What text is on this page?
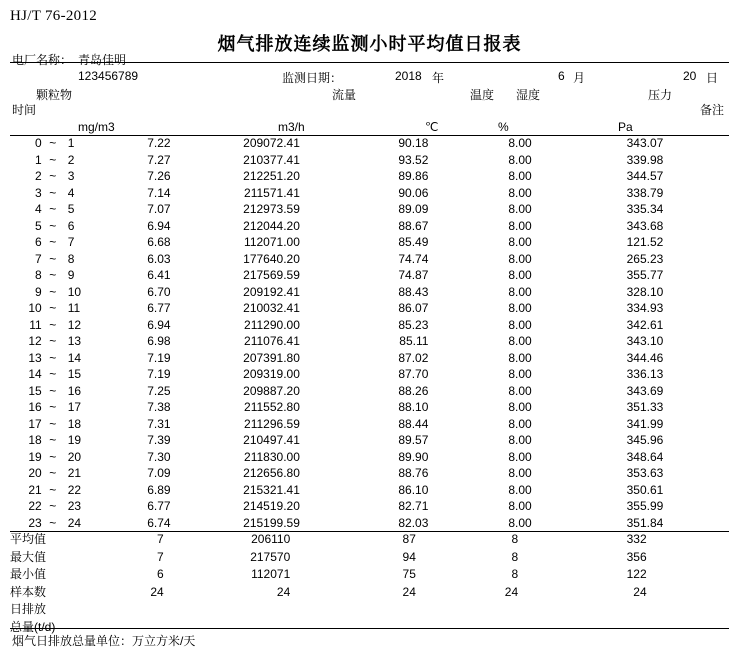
HJ/T 76-2012
烟气排放连续监测小时平均值日报表
电厂名称： 青岛佳明
123456789	监测日期：	2018 年	6 月	20 日
颗粒物
时间
流量	温度 湿度	压力
备注
mg/m3	m3/h	℃	%	Pa
0	~	1	7.22	209072.41	90.18	8.00	343.07	
1	~	2	7.27	210377.41	93.52	8.00	339.98	
2	~	3	7.26	212251.20	89.86	8.00	344.57	
3	~	4	7.14	211571.41	90.06	8.00	338.79	
4	~	5	7.07	212973.59	89.09	8.00	335.34	
5	~	6	6.94	212044.20	88.67	8.00	343.68	
6	~	7	6.68	112071.00	85.49	8.00	121.52	
7	~	8	6.03	177640.20	74.74	8.00	265.23	
8	~	9	6.41	217569.59	74.87	8.00	355.77	
9	~	10	6.70	209192.41	88.43	8.00	328.10	
10	~	11	6.77	210032.41	86.07	8.00	334.93	
11	~	12	6.94	211290.00	85.23	8.00	342.61	
12	~	13	6.98	211076.41	85.11	8.00	343.10	
13	~	14	7.19	207391.80	87.02	8.00	344.46	
14	~	15	7.19	209319.00	87.70	8.00	336.13	
15	~	16	7.25	209887.20	88.26	8.00	343.69	
16	~	17	7.38	211552.80	88.10	8.00	351.33	
17	~	18	7.31	211296.59	88.44	8.00	341.99	
18	~	19	7.39	210497.41	89.57	8.00	345.96	
19	~	20	7.30	211830.00	89.90	8.00	348.64	
20	~	21	7.09	212656.80	88.76	8.00	353.63	
21	~	22	6.89	215321.41	86.10	8.00	350.61	
22	~	23	6.77	214519.20	82.71	8.00	355.99	
23	~	24	6.74	215199.59	82.03	8.00	351.84	
平均值	7	206110	87	8	332	
最大值	7	217570	94	8	356	
最小值	6	112071	75	8	122	
样本数	24	24	24	24	24	
日排放						
总量(t/d)						
烟气日排放总量单位：万立方米/天
